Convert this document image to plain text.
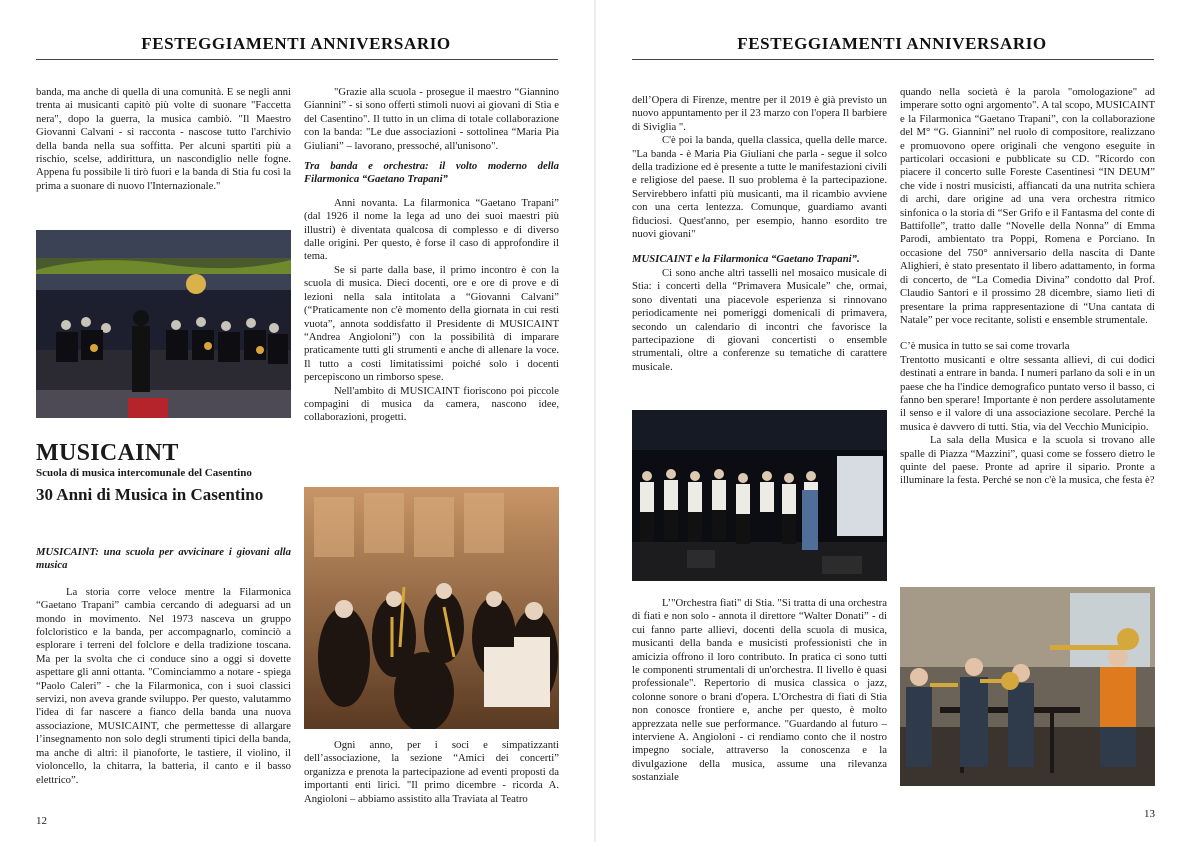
FESTEGGIAMENTI ANNIVERSARIO

banda, ma anche di quella di una comunità. E se negli anni trenta ai musicanti capitò più volte di suonare "Faccetta nera", dopo la guerra, la musica cambiò. "Il Maestro Giovanni Calvani - si racconta - nascose tutto l'archivio della banda nella sua soffitta. Per alcuni spartiti più a rischio, scelse, addirittura, un nascondiglio nelle fogne. Appena fu possibile li tirò fuori e la banda di Stia fu così la prima a suonare di nuovo l'Internazionale."

MUSICAINT
Scuola di musica intercomunale del Casentino
30 Anni di Musica in Casentino

MUSICAINT: una scuola per avvicinare i giovani alla musica

La storia corre veloce mentre la Filarmonica “Gaetano Trapani” cambia cercando di adeguarsi ad un mondo in movimento. Nel 1973 nasceva un gruppo folcloristico e la banda, per accompagnarlo, cominciò a esplorare i terreni del folclore e della tradizione toscana. Ma per la svolta che ci conduce sino a oggi si dovette aspettare gli anni ottanta. "Cominciammo a notare - spiega “Paolo Caleri” - che la Filarmonica, con i suoi classici servizi, non aveva grande sviluppo. Per questo, valutammo l'idea di far nascere a fianco della banda una nuova associazione, MUSICAINT, che permettesse di allargare l’insegnamento non solo degli strumenti tipici della banda, ma anche di altri: il pianoforte, le tastiere, il violino, il violoncello, la chitarra, la batteria, il canto e il basso elettrico”.

"Grazie alla scuola - prosegue il maestro “Giannino Giannini” - si sono offerti stimoli nuovi ai giovani di Stia e del Casentino". Il tutto in un clima di totale collaborazione con la banda: "Le due associazioni - sottolinea “Maria Pia Giuliani” – lavorano, pressoché, all'unisono".

Tra banda e orchestra: il volto moderno della Filarmonica “Gaetano Trapani”

Anni novanta. La filarmonica “Gaetano Trapani” (dal 1926 il nome la lega ad uno dei suoi maestri più illustri) è diventata qualcosa di complesso e di diverso dalle origini. Per questo, è forse il caso di approfondire il tema.

Se si parte dalla base, il primo incontro è con la scuola di musica. Dieci docenti, ore e ore di prove e di lezioni nella sala intitolata a “Giovanni Calvani” (“Praticamente non c'è momento della giornata in cui resti vuota”, annota soddisfatto il Presidente di MUSICAINT “Andrea Angioloni”) con la possibilità di imparare praticamente tutti gli strumenti e anche di allenare la voce. Il tutto a costi limitatissimi poiché solo i docenti percepiscono un rimborso spese.

Nell'ambito di MUSICAINT fioriscono poi piccole compagini di musica da camera, nascono idee, collaborazioni, progetti.

Ogni anno, per i soci e simpatizzanti dell’associazione, la sezione “Amici dei concerti” organizza e prenota la partecipazione ad eventi proposti da importanti enti lirici. "Il primo dicembre - ricorda A. Angioloni – abbiamo assistito alla Traviata al Teatro

12
FESTEGGIAMENTI ANNIVERSARIO

dell’Opera di Firenze, mentre per il 2019 è già previsto un nuovo appuntamento per il 23 marzo con l'opera Il barbiere di Siviglia ".

C'è poi la banda, quella classica, quella delle marce. "La banda - è Maria Pia Giuliani che parla - segue il solco della tradizione ed è presente a tutte le manifestazioni civili e religiose del paese. Il suo problema è la partecipazione. Servirebbero infatti più musicanti, ma il ricambio avviene con una certa lentezza. Comunque, guardiamo avanti fiduciosi. Quest'anno, per esempio, hanno esordito tre nuovi giovani"

MUSICAINT e la Filarmonica “Gaetano Trapani”.

Ci sono anche altri tasselli nel mosaico musicale di Stia: i concerti della “Primavera Musicale” che, ormai, sono diventati una piacevole esperienza si rinnovano periodicamente nei pomeriggi domenicali di primavera, secondo un calendario di incontri che favorisce la partecipazione di giovani concertisti o ensemble strumentali, oltre a conferenze su tematiche di carattere musicale.

L’"Orchestra fiati" di Stia. "Si tratta di una orchestra di fiati e non solo - annota il direttore “Walter Donati” - di cui fanno parte allievi, docenti della scuola di musica, musicanti della banda e musicisti professionisti che in amicizia offrono il loro contributo. In pratica ci sono tutti le componenti strumentali di un'orchestra. Il livello è quasi professionale". Repertorio di musica classica o jazz, colonne sonore o brani d'opera. L'Orchestra di fiati di Stia non conosce frontiere e, anche per questo, è molto apprezzata nelle sue performance. "Guardando al futuro – interviene A. Angioloni - ci rendiamo conto che il nostro impegno sociale, attraverso la conoscenza e la divulgazione della musica, assume una rilevanza sostanziale

quando nella società è la parola "omologazione" ad imperare sotto ogni argomento". A tal scopo, MUSICAINT e la Filarmonica “Gaetano Trapani”, con la collaborazione del M° “G. Giannini” nel ruolo di compositore, realizzano e promuovono opere originali che vengono eseguite in particolari occasioni e pubblicate su CD. "Ricordo con piacere il concerto sulle Foreste Casentinesi “IN DEUM” che vide i nostri musicisti, affiancati da una nutrita schiera di archi, dare origine ad una vera orchestra ritmico sinfonica o la storia di “Ser Grifo e il Fantasma del conte di Battifolle”, tratto dalle “Novelle della Nonna” di Emma Parodi, ambientato tra Poppi, Romena e Porciano. In occasione del 750° anniversario della nascita di Dante Alighieri, è stato presentato il libero adattamento, in forma di concerto, de “La Comedìa Divina” condotto dal Prof. Claudio Santori e il prossimo 28 dicembre, siamo lieti di presentare la prima rappresentazione di “Una cantata di Natale” per voce recitante, solisti e ensemble strumentale.

C’è musica in tutto se sai come trovarla

Trentotto musicanti e oltre sessanta allievi, di cui dodici destinati a entrare in banda. I numeri parlano da soli e in un paese che ha l'indice demografico puntato verso il basso, ci fanno ben sperare! Importante è non perdere assolutamente il senso e il valore di una associazione secolare. Perché la musica è davvero di tutti. Stia, via del Vecchio Municipio.

La sala della Musica e la scuola si trovano alle spalle di Piazza “Mazzini”, quasi come se fossero dietro le quinte del paese. Pronte ad aprire il sipario. Pronte a illuminare la festa. Perché se non c'è la musica, che festa è?

13
